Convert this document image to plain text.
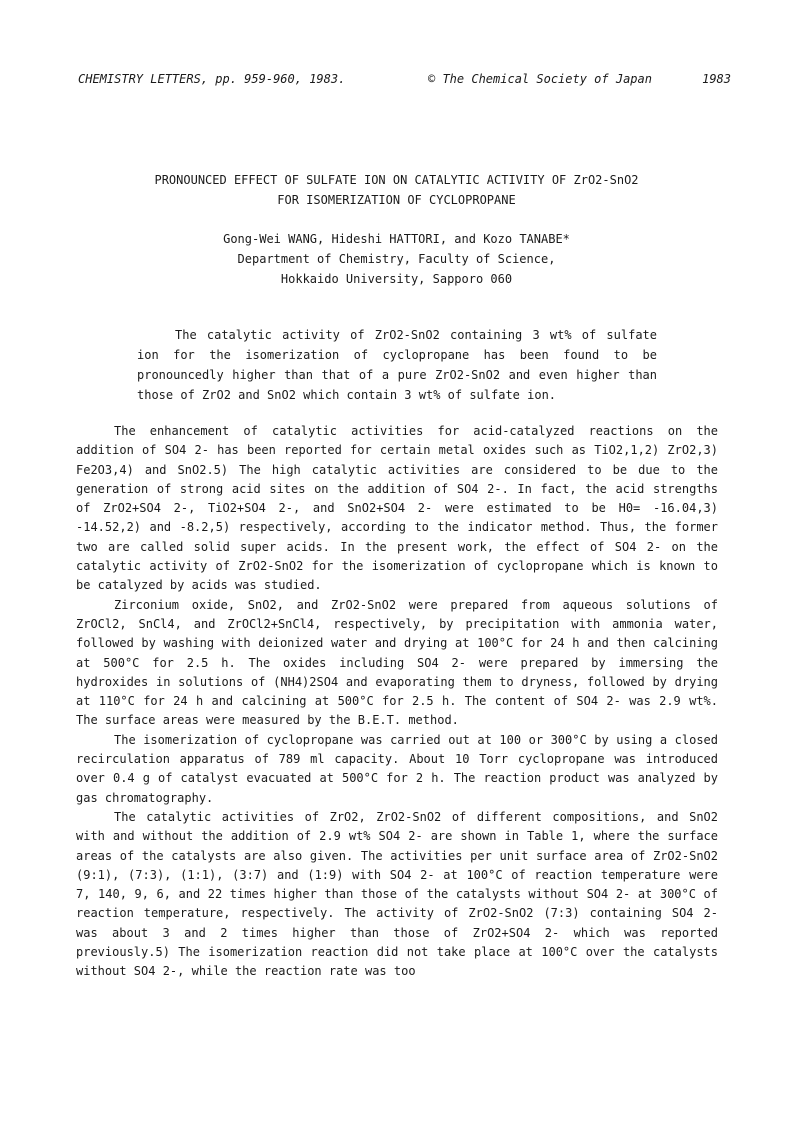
CHEMISTRY LETTERS, pp. 959-960, 1983.	© The Chemical Society of Japan	1983
PRONOUNCED EFFECT OF SULFATE ION ON CATALYTIC ACTIVITY OF ZrO2-SnO2
FOR ISOMERIZATION OF CYCLOPROPANE
Gong-Wei WANG, Hideshi HATTORI, and Kozo TANABE*
Department of Chemistry, Faculty of Science,
Hokkaido University, Sapporo 060

The catalytic activity of ZrO2-SnO2 containing 3 wt% of sulfate ion for the isomerization of cyclopropane has been found to be pronouncedly higher than that of a pure ZrO2-SnO2 and even higher than those of ZrO2 and SnO2 which contain 3 wt% of sulfate ion.

The enhancement of catalytic activities for acid-catalyzed reactions on the addition of SO4 2- has been reported for certain metal oxides such as TiO2,1,2) ZrO2,3) Fe2O3,4) and SnO2.5) The high catalytic activities are considered to be due to the generation of strong acid sites on the addition of SO4 2-. In fact, the acid strengths of ZrO2+SO4 2-, TiO2+SO4 2-, and SnO2+SO4 2- were estimated to be H0= -16.04,3) -14.52,2) and -8.2,5) respectively, according to the indicator method. Thus, the former two are called solid super acids. In the present work, the effect of SO4 2- on the catalytic activity of ZrO2-SnO2 for the isomerization of cyclopropane which is known to be catalyzed by acids was studied.

Zirconium oxide, SnO2, and ZrO2-SnO2 were prepared from aqueous solutions of ZrOCl2, SnCl4, and ZrOCl2+SnCl4, respectively, by precipitation with ammonia water, followed by washing with deionized water and drying at 100°C for 24 h and then calcining at 500°C for 2.5 h. The oxides including SO4 2- were prepared by immersing the hydroxides in solutions of (NH4)2SO4 and evaporating them to dryness, followed by drying at 110°C for 24 h and calcining at 500°C for 2.5 h. The content of SO4 2- was 2.9 wt%. The surface areas were measured by the B.E.T. method.

The isomerization of cyclopropane was carried out at 100 or 300°C by using a closed recirculation apparatus of 789 ml capacity. About 10 Torr cyclopropane was introduced over 0.4 g of catalyst evacuated at 500°C for 2 h. The reaction product was analyzed by gas chromatography.

The catalytic activities of ZrO2, ZrO2-SnO2 of different compositions, and SnO2 with and without the addition of 2.9 wt% SO4 2- are shown in Table 1, where the surface areas of the catalysts are also given. The activities per unit surface area of ZrO2-SnO2 (9:1), (7:3), (1:1), (3:7) and (1:9) with SO4 2- at 100°C of reaction temperature were 7, 140, 9, 6, and 22 times higher than those of the catalysts without SO4 2- at 300°C of reaction temperature, respectively. The activity of ZrO2-SnO2 (7:3) containing SO4 2- was about 3 and 2 times higher than those of ZrO2+SO4 2- which was reported previously.5) The isomerization reaction did not take place at 100°C over the catalysts without SO4 2-, while the reaction rate was too
